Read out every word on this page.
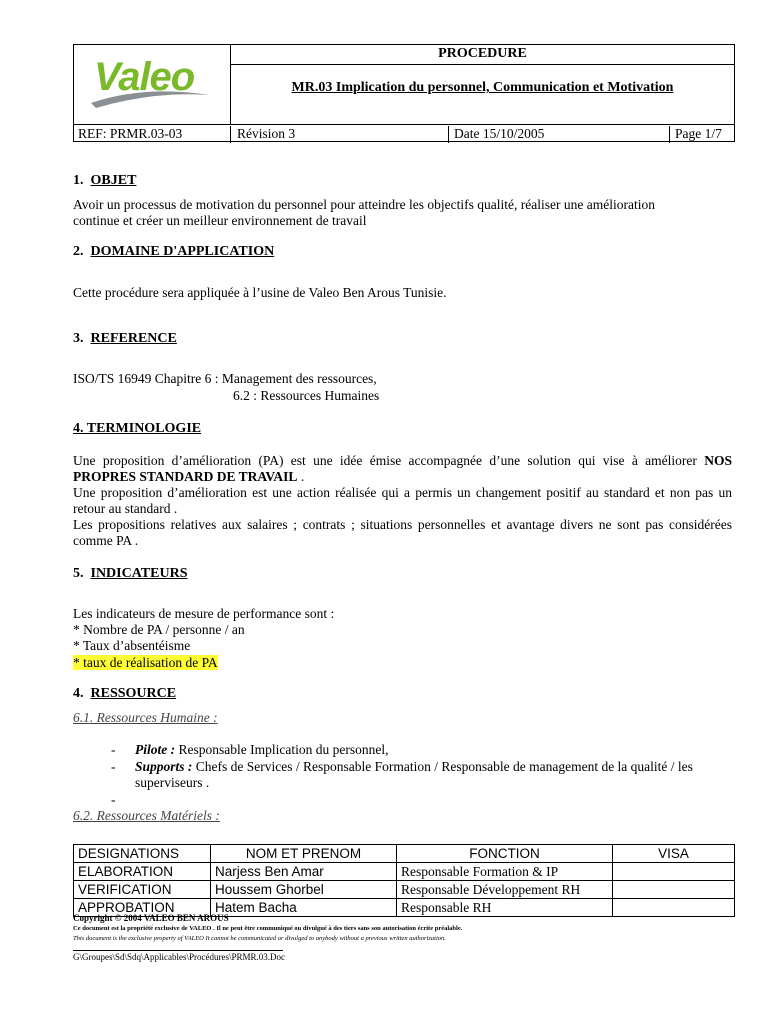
Valeo
PROCEDURE
MR.03 Implication du personnel, Communication et Motivation
REF: PRMR.03-03	Révision 3	Date 15/10/2005	Page 1/7
1. OBJET
Avoir un processus de motivation du personnel pour atteindre les objectifs qualité, réaliser une amélioration continue et créer un meilleur environnement de travail
2. DOMAINE D'APPLICATION
Cette procédure sera appliquée à l’usine de Valeo Ben Arous Tunisie.
3. REFERENCE
ISO/TS 16949 Chapitre 6 : Management des ressources,
6.2 : Ressources Humaines
4. TERMINOLOGIE
Une proposition d’amélioration (PA) est une idée émise accompagnée d’une solution qui vise à améliorer NOS PROPRES STANDARD DE TRAVAIL .
Une proposition d’amélioration est une action réalisée qui a permis un changement positif au standard et non pas un retour au standard .
Les propositions relatives aux salaires ; contrats ; situations personnelles et avantage divers ne sont pas considérées comme PA .
5. INDICATEURS
Les indicateurs de mesure de performance sont :
* Nombre de PA / personne / an
* Taux d’absentéisme
* taux de réalisation de PA
4. RESSOURCE
6.1. Ressources Humaine :
- Pilote : Responsable Implication du personnel,
- Supports : Chefs de Services / Responsable Formation / Responsable de management de la qualité / les superviseurs .
-
6.2. Ressources Matériels :
DESIGNATIONS	NOM ET PRENOM	FONCTION	VISA
ELABORATION	Narjess Ben Amar	Responsable Formation & IP	
VERIFICATION	Houssem Ghorbel	Responsable Développement RH	
APPROBATION	Hatem Bacha	Responsable RH	
Copyright © 2004 VALEO BEN AROUS
Ce document est la propriété exclusive de VALEO . Il ne peut être communiqué ou divulgué à des tiers sans son autorisation écrite préalable.
This document is the exclusive property of VALEO It cannot be communicated or divulged to anybody without a previous written authorization.
G\Groupes\Sd\Sdq\Applicables\Procédures\PRMR.03.Doc
